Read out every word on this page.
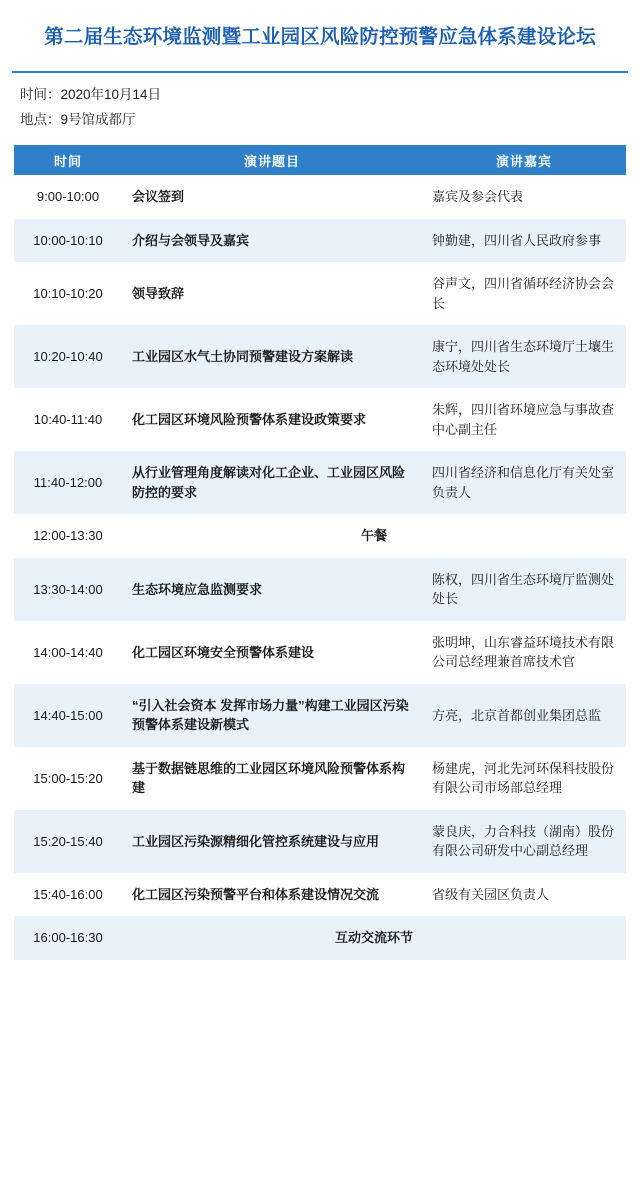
第二届生态环境监测暨工业园区风险防控预警应急体系建设论坛
时间：2020年10月14日
地点：9号馆成都厅
时间	演讲题目	演讲嘉宾
9:00-10:00	会议签到	嘉宾及参会代表
10:00-10:10	介绍与会领导及嘉宾	钟勤建，四川省人民政府参事
10:10-10:20	领导致辞	谷声文，四川省循环经济协会会长
10:20-10:40	工业园区水气土协同预警建设方案解读	康宁，四川省生态环境厅土壤生态环境处处长
10:40-11:40	化工园区环境风险预警体系建设政策要求	朱辉，四川省环境应急与事故查中心副主任
11:40-12:00	从行业管理角度解读对化工企业、工业园区风险防控的要求	四川省经济和信息化厅有关处室负责人
12:00-13:30	午餐	
13:30-14:00	生态环境应急监测要求	陈权，四川省生态环境厅监测处处长
14:00-14:40	化工园区环境安全预警体系建设	张明坤，山东睿益环境技术有限公司总经理兼首席技术官
14:40-15:00	“引入社会资本 发挥市场力量”构建工业园区污染预警体系建设新模式	方亮，北京首都创业集团总监
15:00-15:20	基于数据链思维的工业园区环境风险预警体系构建	杨建虎，河北先河环保科技股份有限公司市场部总经理
15:20-15:40	工业园区污染源精细化管控系统建设与应用	蒙良庆，力合科技（湖南）股份有限公司研发中心副总经理
15:40-16:00	化工园区污染预警平台和体系建设情况交流	省级有关园区负责人
16:00-16:30	互动交流环节	
